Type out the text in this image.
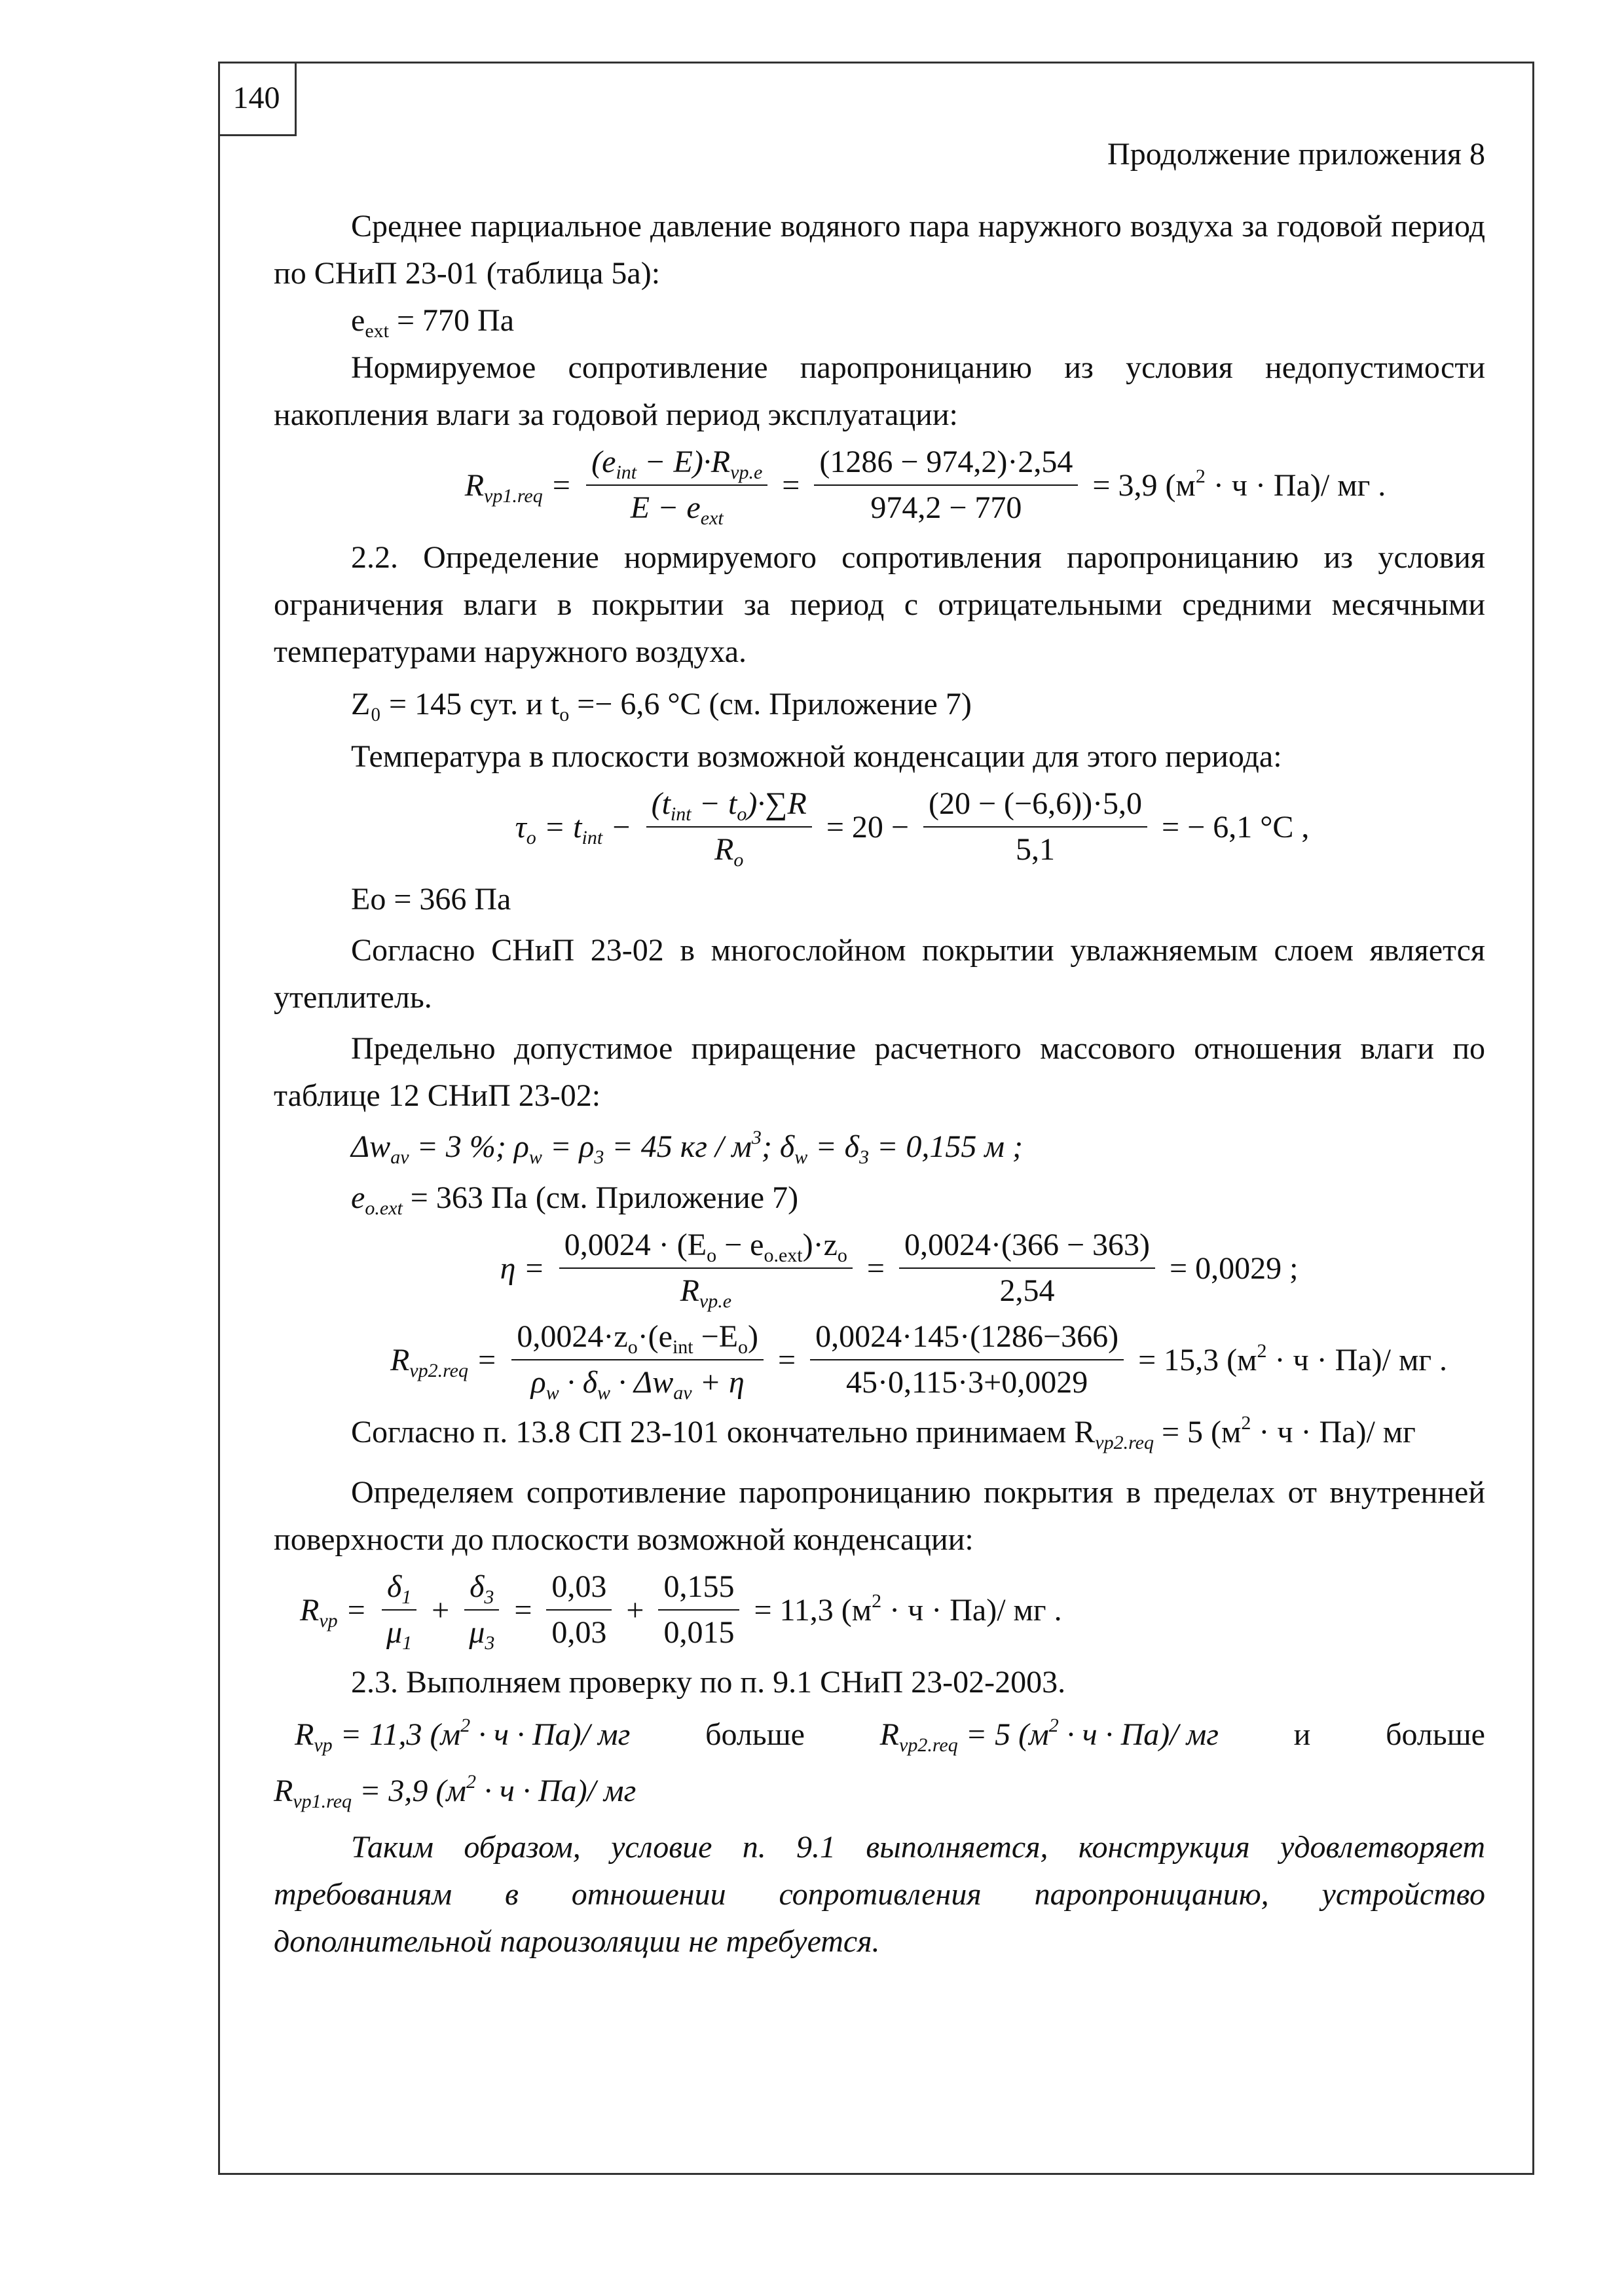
140

Продолжение приложения 8

Среднее парциальное давление водяного пара наружного воздуха за годовой период по СНиП 23-01 (таблица 5а):

$e_{ext} = 770$ Па

Нормируемое сопротивление паропроницанию из условия недопустимости накопления влаги за годовой период эксплуатации:

$R_{vp1.req}$ =
$(e_{int} - E)\cdot R_{vp.e}$
$E - e_{ext}$
= $\frac{(1286 - 974,2)\cdot 2,54}{974,2 - 770} = 3,9$ $(м^2 \cdot ч \cdot Па)/$ мг .

2.2. Определение нормируемого сопротивления паропроницанию из условия ограничения влаги в покрытии за период с отрицательными средними месячными температурами наружного воздуха.

Z₀ = 145 сут. и $t_o =- 6,6$ °C (см. Приложение 7)

Температура в плоскости возможной конденсации для этого периода:

$\tau_o = t_{int}$ −
$(t_{int} - t_o)\cdot\sum R$
$R_o$
= $20 - \frac{(20 - (-6,6))\cdot 5,0}{5,1}$ = − 6,1 °C ,

Eo = 366 Па

Согласно СНиП 23-02 в многослойном покрытии увлажняемым слоем является утеплитель.

Предельно допустимое приращение расчетного массового отношения влаги по таблице 12 СНиП 23-02:

$\Delta w_{av} = 3$ %; $\rho_w = \rho_3 = 45$ кг / $м^3$; $\delta_w = \delta_3 = 0,155$ м ;

$e_{o.ext} = 363$ Па (см. Приложение 7)

η =
$0,0024 \cdot (E_o - e_{o.ext})\cdot z_o$
$R_{vp.e}$
= $\frac{0,0024\cdot(366 - 363)}{2,54} = 0,0029$ ;
$R_{vp2.req}$ =
$0,0024\cdot z_o\cdot(e_{int} -E_o)$
$\rho_w \cdot \delta_w \cdot \Delta w_{av} + \eta$
= $\frac{0,0024\cdot 145\cdot(1286-366)}{45\cdot 0,115\cdot 3+0,0029} = 15,3$ $(м^2 \cdot ч \cdot Па)/$ мг .

Согласно п. 13.8 СП 23-101 окончательно принимаем $R_{vp2.req} = 5$ $(м^2 \cdot ч \cdot Па)/$ мг

Определяем сопротивление паропроницанию покрытия в пределах от внутренней поверхности до плоскости возможной конденсации:

$R_{vp} = \frac{\delta_1}{\mu_1} + \frac{\delta_3}{\mu_3} = \frac{0,03}{0,03} + \frac{0,155}{0,015} = 11,3$ $(м^2 \cdot ч \cdot Па)/$ мг .

2.3. Выполняем проверку по п. 9.1 СНиП 23-02-2003.

$R_{vp} = 11,3$ $(м^2 \cdot ч \cdot Па)/$ мг больше $R_{vp2.req} = 5$ $(м^2 \cdot ч \cdot Па)/$ мг и больше

$R_{vp1.req} = 3,9$ $(м^2 \cdot ч \cdot Па)/$ мг

Таким образом, условие п. 9.1 выполняется, конструкция удовлетворяет требованиям в отношении сопротивления паропроницанию, устройство дополнительной пароизоляции не требуется.
